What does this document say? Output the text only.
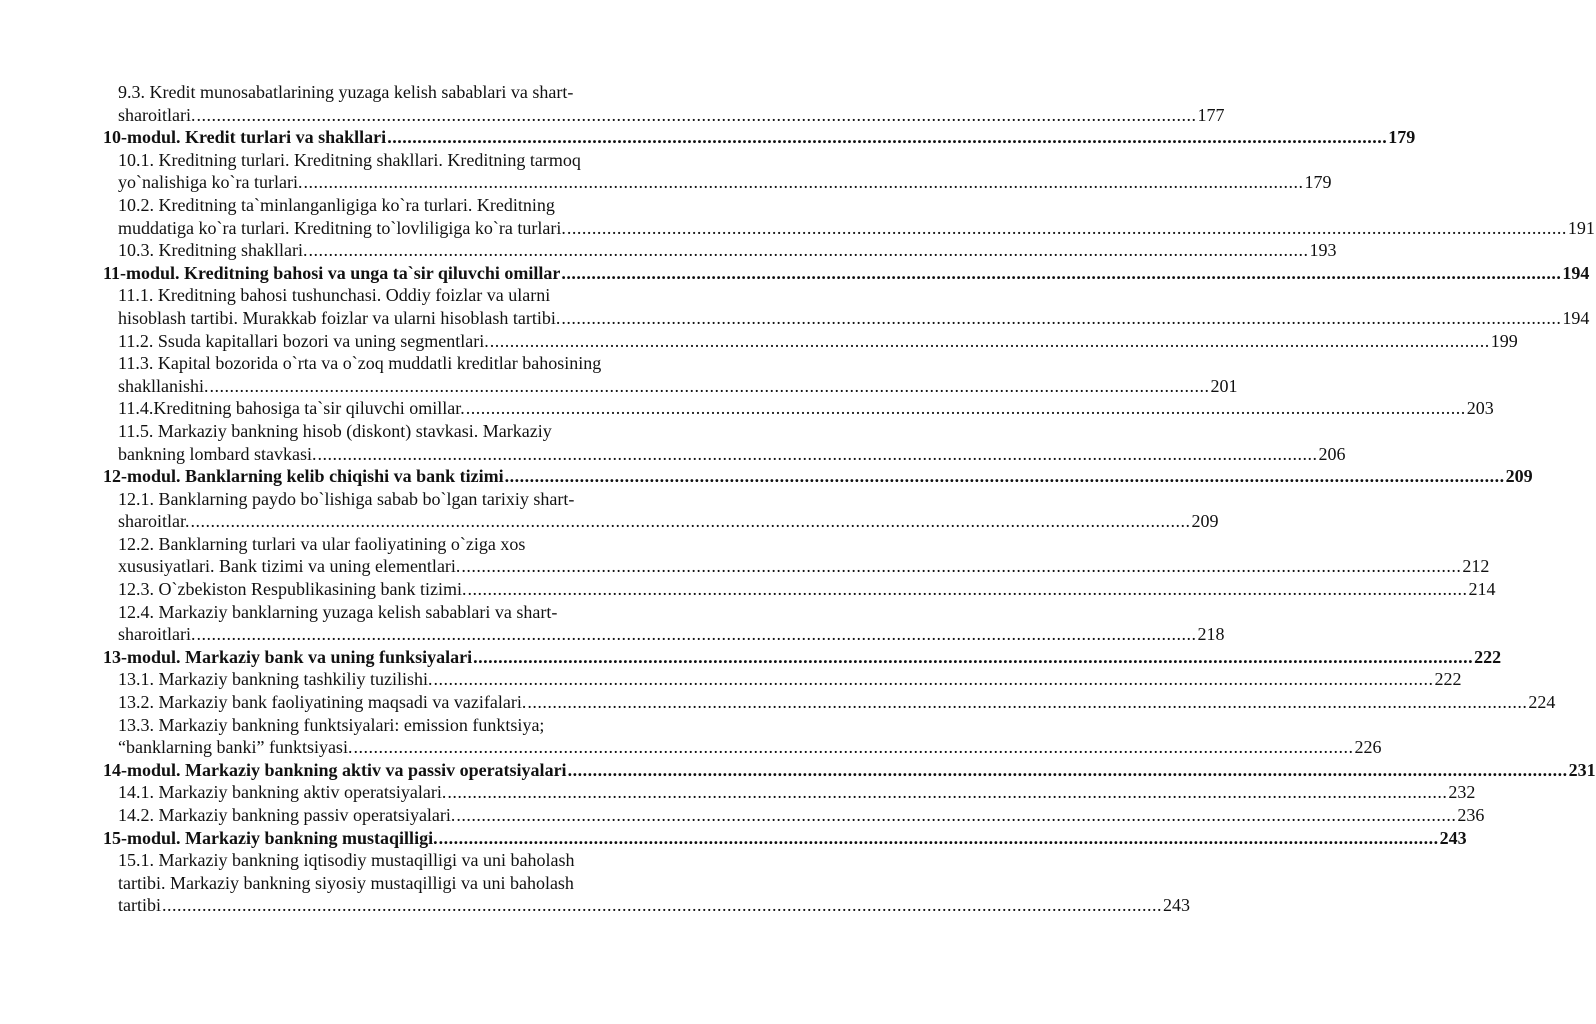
9.3. Kredit munosabatlarining yuzaga kelish sabablari va shart-
sharoitlari. ........................................................................................................................................................................................................ 177
10-modul. Kredit turlari va shakllari ........................................................................................................................................................................................................ 179
10.1. Kreditning turlari. Kreditning shakllari. Kreditning tarmoq
yo`nalishiga ko`ra turlari. ........................................................................................................................................................................................................ 179
10.2. Kreditning ta`minlanganligiga ko`ra turlari. Kreditning
muddatiga ko`ra turlari. Kreditning to`lovliligiga ko`ra turlari. ........................................................................................................................................................................................................ 191
10.3. Kreditning shakllari. ........................................................................................................................................................................................................ 193
11-modul. Kreditning bahosi va unga ta`sir qiluvchi omillar ........................................................................................................................................................................................................ 194
11.1. Kreditning bahosi tushunchasi. Oddiy foizlar va ularni
hisoblash tartibi. Murakkab foizlar va ularni hisoblash tartibi. ........................................................................................................................................................................................................ 194
11.2. Ssuda kapitallari bozori va uning segmentlari. ........................................................................................................................................................................................................ 199
11.3. Kapital bozorida o`rta va o`zoq muddatli kreditlar bahosining
shakllanishi. ........................................................................................................................................................................................................ 201
11.4.Kreditning bahosiga ta`sir qiluvchi omillar. ........................................................................................................................................................................................................ 203
11.5. Markaziy bankning hisob (diskont) stavkasi. Markaziy
bankning lombard stavkasi. ........................................................................................................................................................................................................ 206
12-modul. Banklarning kelib chiqishi va bank tizimi ........................................................................................................................................................................................................ 209
12.1. Banklarning paydo bo`lishiga sabab bo`lgan tarixiy shart-
sharoitlar. ........................................................................................................................................................................................................ 209
12.2. Banklarning turlari va ular faoliyatining o`ziga xos
xususiyatlari. Bank tizimi va uning elementlari. ........................................................................................................................................................................................................ 212
12.3. O`zbekiston Respublikasining bank tizimi. ........................................................................................................................................................................................................ 214
12.4. Markaziy banklarning yuzaga kelish sabablari va shart-
sharoitlari. ........................................................................................................................................................................................................ 218
13-modul. Markaziy bank va uning funksiyalari ........................................................................................................................................................................................................ 222
13.1. Markaziy bankning tashkiliy tuzilishi. ........................................................................................................................................................................................................ 222
13.2. Markaziy bank faoliyatining maqsadi va vazifalari. ........................................................................................................................................................................................................ 224
13.3. Markaziy bankning funktsiyalari: emission funktsiya;
“banklarning banki” funktsiyasi. ........................................................................................................................................................................................................ 226
14-modul. Markaziy bankning aktiv va passiv operatsiyalari ........................................................................................................................................................................................................ 231
14.1. Markaziy bankning aktiv operatsiyalari. ........................................................................................................................................................................................................ 232
14.2. Markaziy bankning passiv operatsiyalari. ........................................................................................................................................................................................................ 236
15-modul. Markaziy bankning mustaqilligi. ........................................................................................................................................................................................................ 243
15.1. Markaziy bankning iqtisodiy mustaqilligi va uni baholash
tartibi. Markaziy bankning siyosiy mustaqilligi va uni baholash
tartibi ........................................................................................................................................................................................................ 243
